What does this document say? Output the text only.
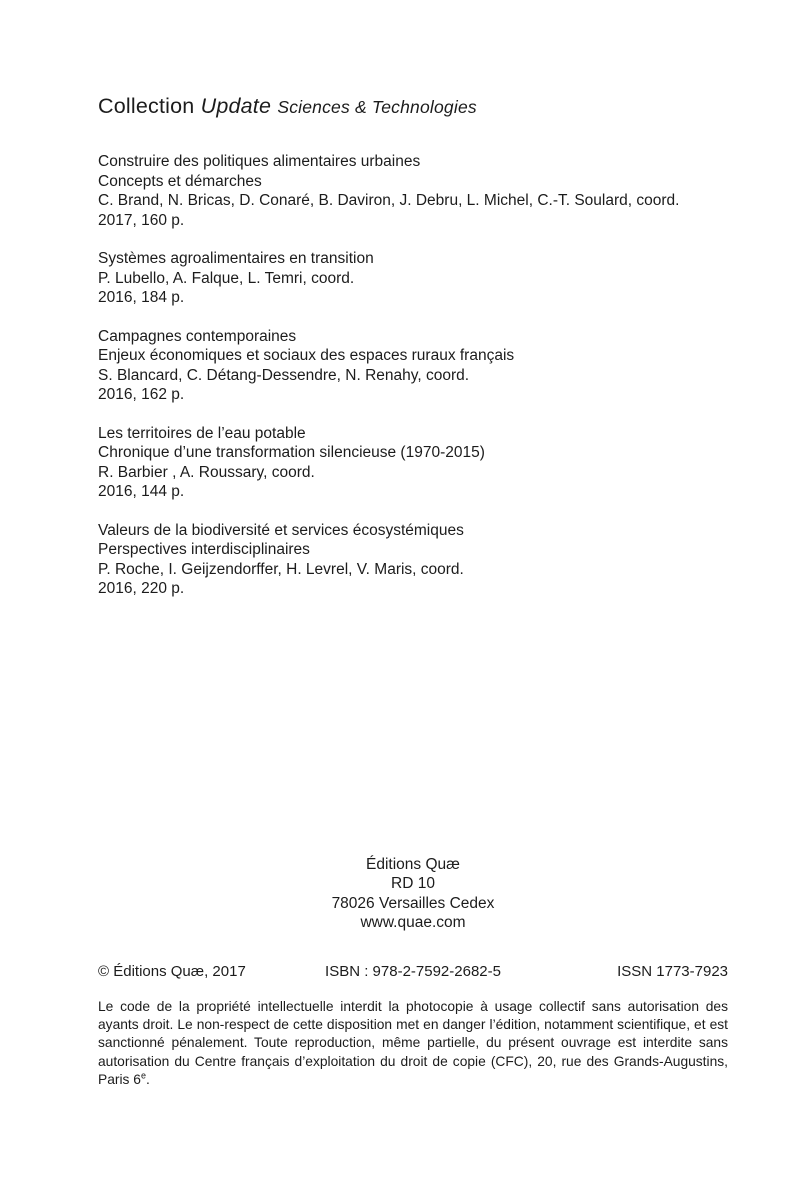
Collection Update Sciences & Technologies
Construire des politiques alimentaires urbaines
Concepts et démarches
C. Brand, N. Bricas, D. Conaré, B. Daviron, J. Debru, L. Michel, C.-T. Soulard, coord.
2017, 160 p.
Systèmes agroalimentaires en transition
P. Lubello, A. Falque, L. Temri, coord.
2016, 184 p.
Campagnes contemporaines
Enjeux économiques et sociaux des espaces ruraux français
S. Blancard, C. Détang-Dessendre, N. Renahy, coord.
2016, 162 p.
Les territoires de l’eau potable
Chronique d’une transformation silencieuse (1970-2015)
R. Barbier , A. Roussary, coord.
2016, 144 p.
Valeurs de la biodiversité et services écosystémiques
Perspectives interdisciplinaires
P. Roche, I. Geijzendorffer, H. Levrel, V. Maris, coord.
2016, 220 p.
Éditions Quæ
RD 10
78026 Versailles Cedex
www.quae.com
© Éditions Quæ, 2017	ISBN : 978-2-7592-2682-5	ISSN 1773-7923

Le code de la propriété intellectuelle interdit la photocopie à usage collectif sans autorisation des ayants droit. Le non-respect de cette disposition met en danger l’édition, notamment scientifique, et est sanctionné pénalement. Toute reproduction, même partielle, du présent ouvrage est interdite sans autorisation du Centre français d’exploitation du droit de copie (CFC), 20, rue des Grands-Augustins, Paris 6e.
